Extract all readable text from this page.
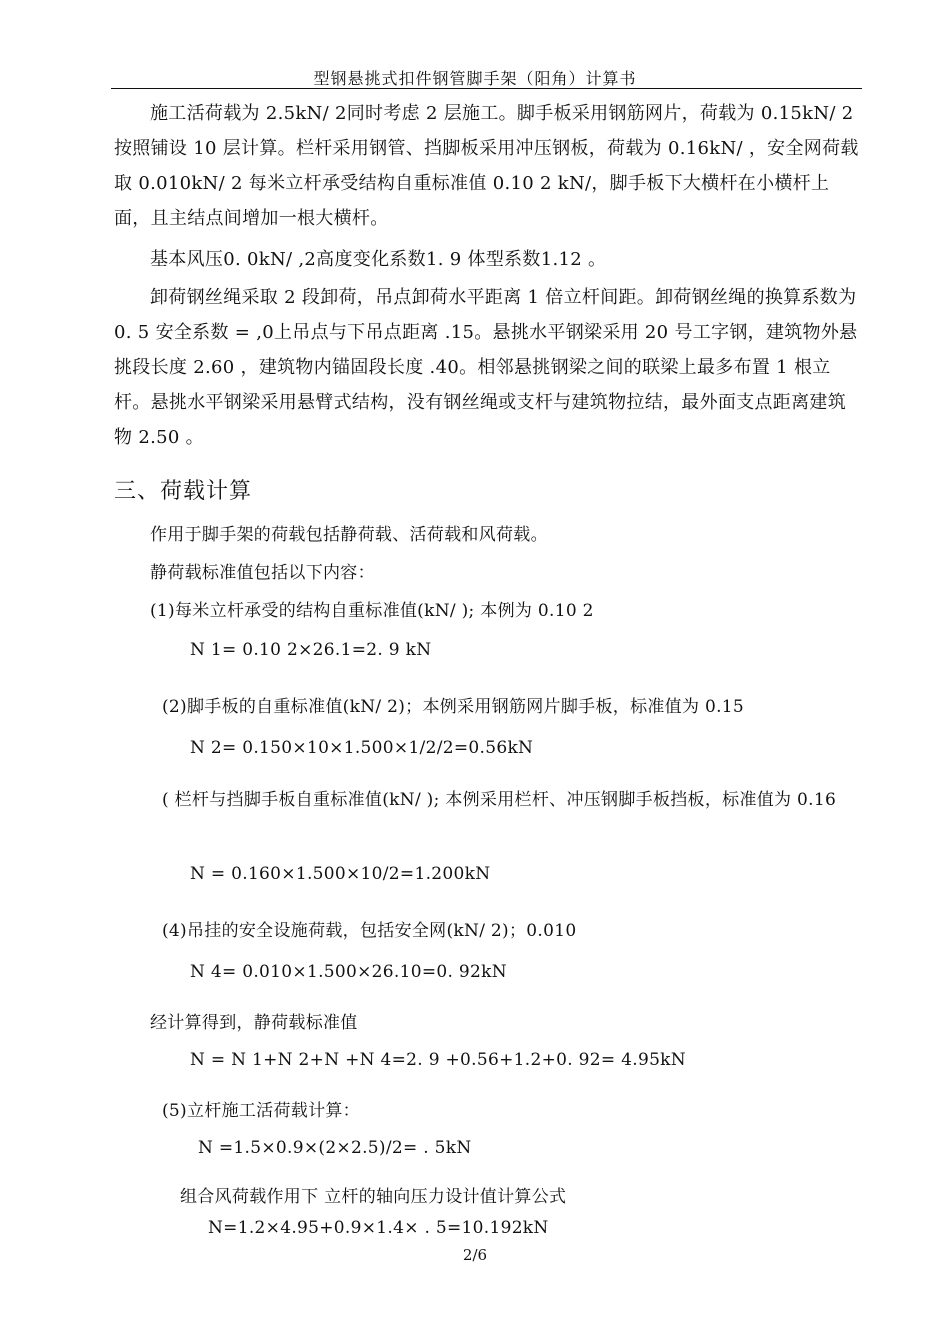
型钢悬挑式扣件钢管脚手架（阳角）计算书
施工活荷载为 2.5kN/ 2同时考虑 2 层施工。脚手板采用钢筋网片，荷载为 0.15kN/ 2按照铺设 10 层计算。栏杆采用钢管、挡脚板采用冲压钢板，荷载为 0.16kN/ ，安全网荷载取 0.010kN/ 2 每米立杆承受结构自重标准值 0.10 2 kN/，脚手板下大横杆在小横杆上面，且主结点间增加一根大横杆。
基本风压0. 0kN/ ,2高度变化系数1. 9 体型系数1.12 。
卸荷钢丝绳采取 2 段卸荷，吊点卸荷水平距离 1 倍立杆间距。卸荷钢丝绳的换算系数为 0. 5 安全系数 = ,0上吊点与下吊点距离 .15。悬挑水平钢梁采用 20 号工字钢，建筑物外悬挑段长度 2.60 ，建筑物内锚固段长度 .40。相邻悬挑钢梁之间的联梁上最多布置 1 根立杆。悬挑水平钢梁采用悬臂式结构，没有钢丝绳或支杆与建筑物拉结，最外面支点距离建筑物 2.50 。
三、荷载计算
作用于脚手架的荷载包括静荷载、活荷载和风荷载。
静荷载标准值包括以下内容：
(1)每米立杆承受的结构自重标准值(kN/ ); 本例为 0.10 2
N 1= 0.10 2×26.1=2. 9 kN
(2)脚手板的自重标准值(kN/ 2)；本例采用钢筋网片脚手板，标准值为 0.15
N 2= 0.150×10×1.500×1/2/2=0.56kN
( 栏杆与挡脚手板自重标准值(kN/ ); 本例采用栏杆、冲压钢脚手板挡板，标准值为 0.16
N = 0.160×1.500×10/2=1.200kN
(4)吊挂的安全设施荷载，包括安全网(kN/ 2)；0.010
N 4= 0.010×1.500×26.10=0. 92kN
经计算得到，静荷载标准值
N = N 1+N 2+N +N 4=2. 9 +0.56+1.2+0. 92= 4.95kN
(5)立杆施工活荷载计算：
N =1.5×0.9×(2×2.5)/2= . 5kN
组合风荷载作用下 立杆的轴向压力设计值计算公式
N=1.2×4.95+0.9×1.4× . 5=10.192kN
2/6
